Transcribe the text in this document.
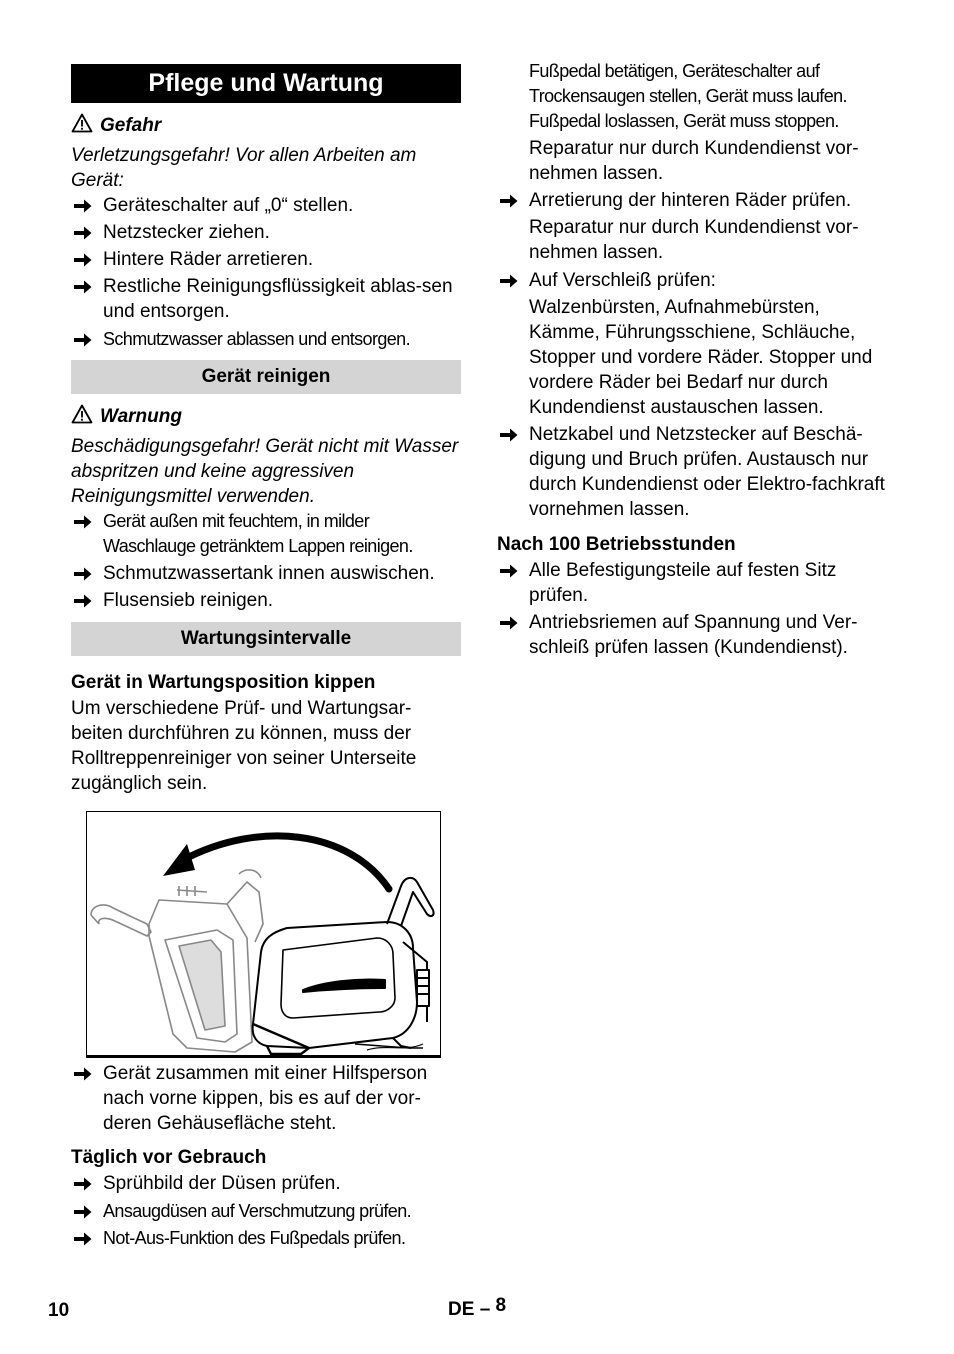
Pflege und Wartung
Gefahr
Verletzungsgefahr! Vor allen Arbeiten am Gerät:
Geräteschalter auf „0“ stellen.
Netzstecker ziehen.
Hintere Räder arretieren.
Restliche Reinigungsflüssigkeit ablas-sen und entsorgen.
Schmutzwasser ablassen und entsorgen.
Gerät reinigen
Warnung
Beschädigungsgefahr! Gerät nicht mit Wasser abspritzen und keine aggressiven Reinigungsmittel verwenden.
Gerät außen mit feuchtem, in milder Waschlauge getränktem Lappen reinigen.
Schmutzwassertank innen auswischen.
Flusensieb reinigen.
Wartungsintervalle
Gerät in Wartungsposition kippen
Um verschiedene Prüf- und Wartungsar-beiten durchführen zu können, muss der Rolltreppenreiniger von seiner Unterseite zugänglich sein.
Gerät zusammen mit einer Hilfsperson nach vorne kippen, bis es auf der vor-deren Gehäusefläche steht.
Täglich vor Gebrauch
Sprühbild der Düsen prüfen.
Ansaugdüsen auf Verschmutzung prüfen.
Not-Aus-Funktion des Fußpedals prüfen.
Fußpedal betätigen, Geräteschalter auf Trockensaugen stellen, Gerät muss laufen. Fußpedal loslassen, Gerät muss stoppen.
Reparatur nur durch Kundendienst vor-nehmen lassen.
Arretierung der hinteren Räder prüfen.
Reparatur nur durch Kundendienst vor-nehmen lassen.
Auf Verschleiß prüfen:
Walzenbürsten, Aufnahmebürsten, Kämme, Führungsschiene, Schläuche, Stopper und vordere Räder. Stopper und vordere Räder bei Bedarf nur durch Kundendienst austauschen lassen.
Netzkabel und Netzstecker auf Beschä-digung und Bruch prüfen. Austausch nur durch Kundendienst oder Elektro-fachkraft vornehmen lassen.
Nach 100 Betriebsstunden
Alle Befestigungsteile auf festen Sitz prüfen.
Antriebsriemen auf Spannung und Ver-schleiß prüfen lassen (Kundendienst).
10	DE – 8
